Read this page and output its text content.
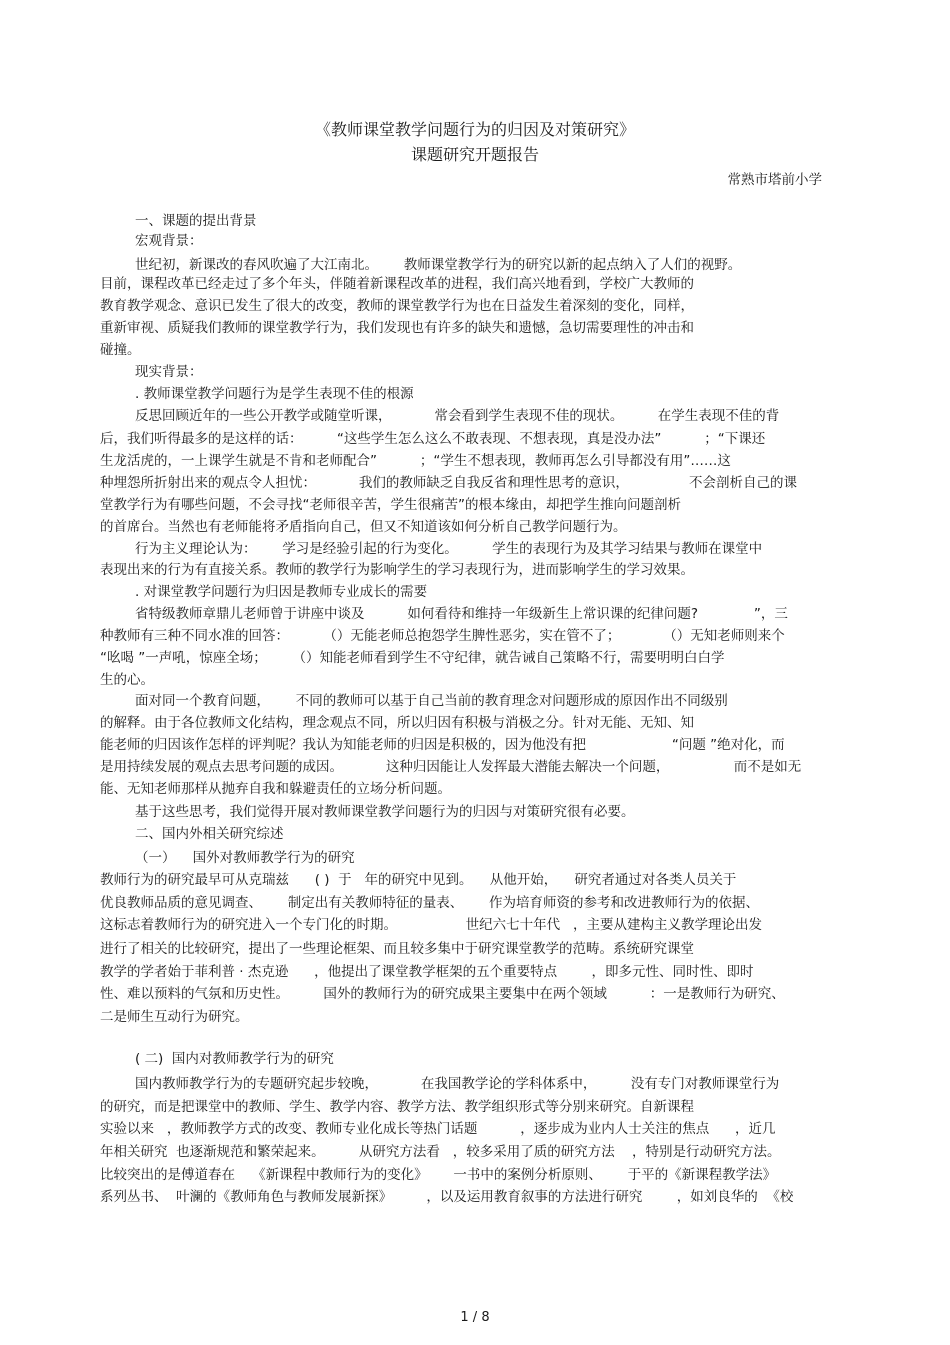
《教师课堂教学问题行为的归因及对策研究》
课题研究开题报告
常熟市塔前小学
一、课题的提出背景
宏观背景：
世纪初，新课改的春风吹遍了大江南北。      教师课堂教学行为的研究以新的起点纳入了人们的视野。
目前，课程改革已经走过了多个年头，伴随着新课程改革的进程，我们高兴地看到，学校广大教师的
教育教学观念、意识已发生了很大的改变，教师的课堂教学行为也在日益发生着深刻的变化，同样，
重新审视、质疑我们教师的课堂教学行为，我们发现也有许多的缺失和遗憾，急切需要理性的冲击和
碰撞。
现实背景：
. 教师课堂教学问题行为是学生表现不佳的根源
反思回顾近年的一些公开教学或随堂听课，          常会看到学生表现不佳的现状。        在学生表现不佳的背
后，我们听得最多的是这样的话：        “这些学生怎么这么不敢表现、不想表现，真是没办法”          ；“下课还
生龙活虎的，一上课学生就是不肯和老师配合”          ；“学生不想表现，教师再怎么引导都没有用”……这
种埋怨所折射出来的观点令人担忧：          我们的教师缺乏自我反省和理性思考的意识，              不会剖析自己的课
堂教学行为有哪些问题，不会寻找“老师很辛苦，学生很痛苦”的根本缘由，却把学生推向问题剖析
的首席台。当然也有老师能将矛盾指向自己，但又不知道该如何分析自己教学问题行为。
行为主义理论认为：      学习是经验引起的行为变化。        学生的表现行为及其学习结果与教师在课堂中
表现出来的行为有直接关系。教师的教学行为影响学生的学习表现行为，进而影响学生的学习效果。
. 对课堂教学问题行为归因是教师专业成长的需要
省特级教师章鼎儿老师曾于讲座中谈及          如何看待和维持一年级新生上常识课的纪律问题?             ”，三
种教师有三种不同水准的回答：        （）无能老师总抱怨学生脾性恶劣，实在管不了；          （）无知老师则来个
“吆喝 ”一声吼，惊座全场；      （）知能老师看到学生不守纪律，就告诫自己策略不行，需要明明白白学
生的心。
面对同一个教育问题，      不同的教师可以基于自己当前的教育理念对问题形成的原因作出不同级别
的解释。由于各位教师文化结构，理念观点不同，所以归因有积极与消极之分。针对无能、无知、知
能老师的归因该作怎样的评判呢？我认为知能老师的归因是积极的，因为他没有把                    “问题 ”绝对化，而
是用持续发展的观点去思考问题的成因。          这种归因能让人发挥最大潜能去解决一个问题，               而不是如无
能、无知老师那样从抛弃自我和躲避责任的立场分析问题。
基于这些思考，我们觉得开展对教师课堂教学问题行为的归因与对策研究很有必要。
二、国内外相关研究综述
（一）    国外对教师教学行为的研究
教师行为的研究最早可从克瑞兹      ( )  于   年的研究中见到。    从他开始，    研究者通过对各类人员关于
优良教师品质的意见调查、      制定出有关教师特征的量表、      作为培育师资的参考和改进教师行为的依据、
这标志着教师行为的研究进入一个专门化的时期。                世纪六七十年代   ，主要从建构主义教学理论出发
进行了相关的比较研究，提出了一些理论框架、而且较多集中于研究课堂教学的范畴。系统研究课堂
教学的学者始于菲利普 · 杰克逊      ，他提出了课堂教学框架的五个重要特点        ，即多元性、同时性、即时
性、难以预料的气氛和历史性。        国外的教师行为的研究成果主要集中在两个领域          ：一是教师行为研究、
二是师生互动行为研究。
( 二)  国内对教师教学行为的研究
国内教师教学行为的专题研究起步较晚，          在我国教学论的学科体系中，        没有专门对教师课堂行为
的研究，而是把课堂中的教师、学生、教学内容、教学方法、教学组织形式等分别来研究。自新课程
实验以来   ，教师教学方式的改变、教师专业化成长等热门话题          ，逐步成为业内人士关注的焦点      ，近几
年相关研究  也逐渐规范和繁荣起来。        从研究方法看   ，较多采用了质的研究方法    ，特别是行动研究方法。
比较突出的是傅道春在    《新课程中教师行为的变化》      一书中的案例分析原则、      于平的《新课程教学法》
系列丛书、  叶澜的《教师角色与教师发展新探》        ，以及运用教育叙事的方法进行研究        ，如刘良华的  《校
1 / 8
